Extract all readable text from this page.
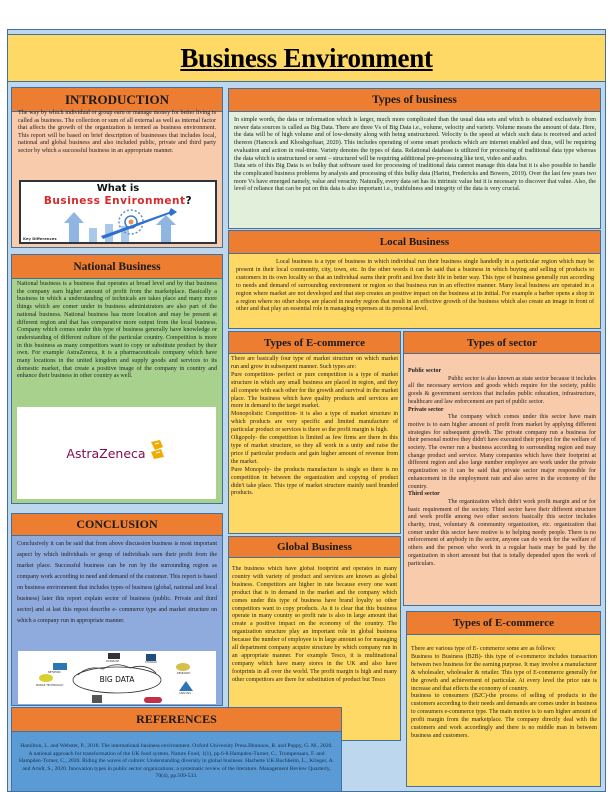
Business Environment
INTRODUCTION

The way by which individual or group earn or manage money for better living is called as business. The collection or sum of all external as well as internal factor that affects the growth of the organization is termed as business environment. This report will be based on brief description of businesses that includes local, national and global business and also included public, private and third party sector by which a successful business in an appropriate manner.

What is
Business Environment?
Key Differences
Types of business

In simple words, the data or information which is larger, much more complicated than the usual data sets and which is obtained exclusively from newer data sources is called as Big Data. There are three Vs of Big Data i.e., volume, velocity and variety. Volume means the amount of data. Here, the data will be of high volume and of low-density along with being unstructured. Velocity is the speed at which such data is received and acted thereon (Hancock and Khoshgoftaar, 2020). This includes operating of some smart products which are internet enabled and thus, will be requiring evaluation and action in real-time. Variety denotes the types of data. Relational database is utilized for processing of traditional data type whereas the data which is unstructured or semi – structured will be requiring additional pre-processing like text, video and audio.

Data sets of this Big Data is so bulky that software used for processing of traditional data cannot manage this data but it is also possible to handle the complicated business problems by analysis and processing of this bulky data (Harini, Fredericks and Bowers, 2019). Over the last few years two more Vs have emerged namely, value and veracity. Naturally, every data set has its intrinsic value but it is necessary to discover that value. Also, the level of reliance that can be put on this data is also important i.e., truthfulness and integrity of the data is very crucial.

Local Business

Local business is a type of business in which individual run their business single handedly in a particular region which may be present in their local community, city, town, etc. In the other words it can be said that a business in which buying and selling of products to customers in its own locality so that an individual earns their profit and live their life in better way. This type of business generally run according to needs and demand of surrounding environment or region so that business run in an effective manner. Many local business are operated in a region where market are not developed and that step creates an positive impact on the business at its initial. For example a barber opens a shop in a region where no other shops are placed in nearby region that result in an effective growth of the business which also create an image in front of other and that play an essential role in managing expenses at its personal level.

National Business

National business is a business that operates at broad level and by that business the company earn higher amount of profit from the marketplace. Basically a business in which a understanding of technicals are takes place and many more things which are comer under in business administrators are also part of the national business. National business has more location and may be present at different region and that has comparative more output from the local business. Company which comes under this type of business generally have knowledge or understanding of different culture of the particular country. Competition is more in this business as many competitors want to copy or substitute product by their own. For example AstraZeneca, it is a pharmaceuticals company which have many locations in the united kingdom and supply goods and services to its domestic market, that create a positive image of the company in country and enhance their business in other country as well.

AstraZeneca
Types of E-commerce

There are basically four type of market structure on which market run and grow in subsequent manner. Such types are:

Pure competition- perfect or pure competition is a type of market structure in which any small business are placed in region, and they all compete with each other for the growth and survival in the market place. The business which have quality products and services are more in demand to the target market.

Monopolistic Competition- it is also a type of market structure in which products are very specific and limited manufacture of particular product or services is there so the profit margin is high.

Oligopoly- the competition is limited as few firms are there in this type of market structure, so they all work in a unity and raise the price if particular products and gain higher amount of revenue from the market.

Pure Monopoly- the products manufacture is single so there is no competition in between the organization and copying of product didn't take place. This type of market structure mainly used branded products.

Types of sector
Public sector

Public sector is also known as state sector because it includes all the necessary services and goods which require for the society, public goods & government services that includes public education, infrastructure, healthcare and law enforcement are part of public sector.

Private sector

The company which comes under this sector have main motive is to earn higher amount of profit from market by applying different strategies for subsequent growth. The private company run a business for their personal motive they didn't have executed their project for the welfare of society. The owner run a business according to surrounding region and may change product and service. Many companies which have their footprint at different region and also large number employee are work under the private organization so it can be said that private sector major responsible for enhancement in the employment rate and also serve in the economy of the country.

Third sector

The organization which didn't work profit margin and or for basic requirement of the society. Third sector have their different structure and work profile among two other sectors basically this sector includes charity, trust, voluntary & community organization, etc. organization that comer under this sector have motive is to helping needy people. There is no enforcement of anybody in the sector, anyone can do work for the welfare of others and the person who work in a regular basis may be paid by the organization in short amount but that is totally depended upon the work of particulars.

CONCLUSION

Conclusively it can be said that from above discussion business is most important aspect by which individuals or group of individuals earn their profit from the market place. Successful business can be run by the surrounding region as company work according to need and demand of the customer. This report is based on business environment that includes types of business (global, national and local business) later this report explain sector of business (public. Private and third sector) and at last this repost describe e- commerce type and market structure on which a company run in appropriate manner.

BIG DATA
NETWORK
DATABASE	STORAGE
RESEARCH
ANALYSIS
MOBILE TECHNOLOGY
Global Business

The business which have global footprint and operates in many country with variety of product and services are known as global business. Competitors are higher in rate because every one want product that is in demand in the market and the company which comes under this type of business have brand loyalty so other competitors want to copy products. As it is clear that this business operate in many country so profit rate is also in large amount that create a positive impact on the economy of the country. The organization structure play an important role in global business because the number of employee is in large amount so for managing all department company acquire structure by which company run in an appropriate manner. For example Tesco, it is multinational company which have many stores in the UK and also have footprints in all over the world. The profit margin is high and many other competitors are there for substitution of product but Tesco

Types of E-commerce

There are various type of E- commerce some are as follows:

Business to Business (B2B)- this type of e-commerce includes transaction between two business for the earning purpose. It may involve a manufacturer & wholesaler, wholesaler & retailer. This type of E-commerce generally for the growth and achievement of particular. At every level the price rate is increase and that effects the economy of country.

business to consumers (B2C)-the process of selling of products to the customers according to their needs and demands are comes under in business to consumers e-commerce type. The main motive is to earn higher amount of profit margin from the marketplace. The company directly deal with the customers and work accordingly and there is no middle man in between business and customers.

REFERENCES

Hamilton, L. and Webster, P., 2018. The international business environment. Oxford University Press.Bhunnoo, R. and Poppy, G. M., 2020. A national approach for transformation of the UK food system. Nature Food, 1(1), pp.6-8.Hampden-Turner, C., Trompenaars, F. and Hampden-Turner, C., 2020. Riding the waves of culture: Understanding diversity in global business. Hachette UK.Buchheim, L., Krieger, A. and Arndt, S., 2020. Innovation types in public sector organizations: a systematic review of the literature. Management Review Quarterly, 70(4), pp.509-533.
